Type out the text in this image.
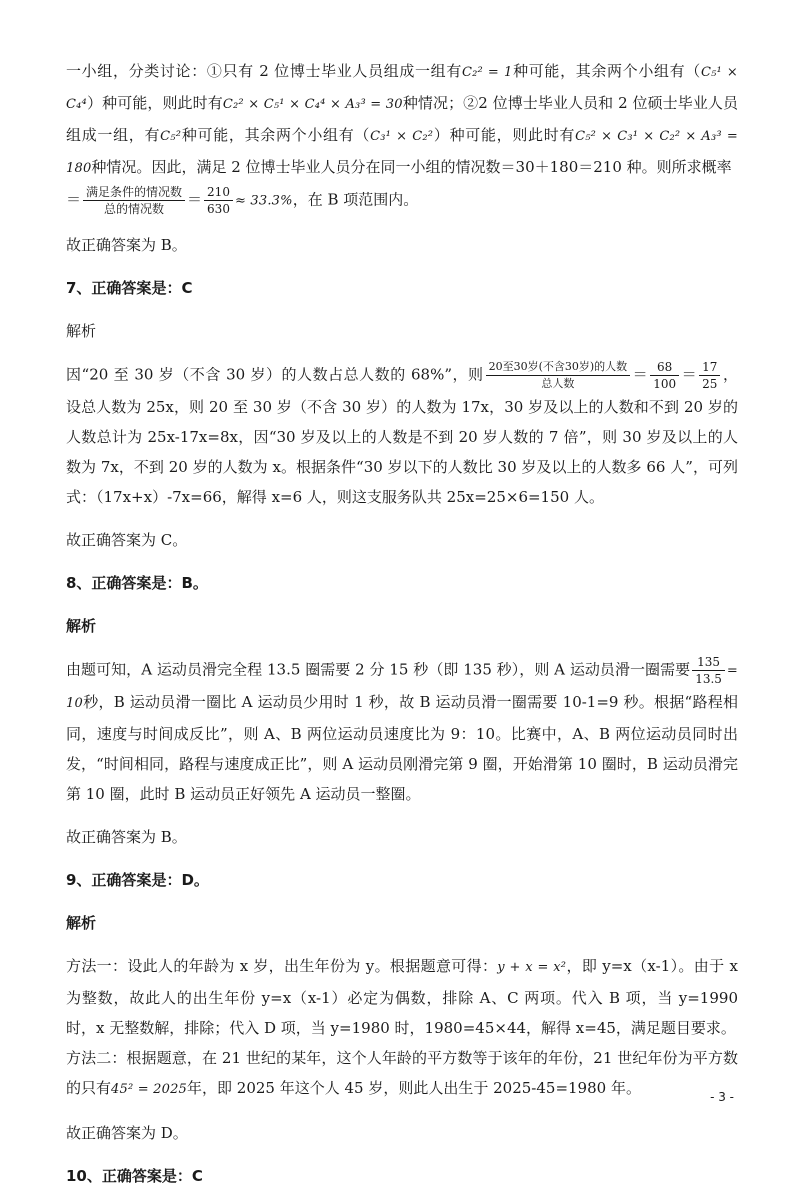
一小组，分类讨论：①只有 2 位博士毕业人员组成一组有C₂² = 1种可能，其余两个小组有（C₅¹ × C₄⁴）种可能，则此时有C₂² × C₅¹ × C₄⁴ × A₃³ = 30种情况；②2 位博士毕业人员和 2 位硕士毕业人员组成一组，有C₅²种可能，其余两个小组有（C₃¹ × C₂²）种可能，则此时有C₅² × C₃¹ × C₂² × A₃³ = 180种情况。因此，满足 2 位博士毕业人员分在同一小组的情况数＝30＋180＝210 种。则所求概率
＝ $\frac{\text{满足条件的情况数}}{\text{总的情况数}} = \frac{210}{630} \approx 33.3\%$，在 B 项范围内。

故正确答案为 B。

7、正确答案是：C
解析

因“20 至 30 岁（不含 30 岁）的人数占总人数的 68%”，则 $\frac{\text{20至30岁(不含30岁)的人数}}{\text{总人数}} = \frac{68}{100} = \frac{17}{25}$ ， 设总人数为 25x，则 20 至 30 岁（不含 30 岁）的人数为 17x，30 岁及以上的人数和不到 20 岁的人数总计为 25x-17x=8x，因“30 岁及以上的人数是不到 20 岁人数的 7 倍”，则 30 岁及以上的人数为 7x，不到 20 岁的人数为 x。根据条件“30 岁以下的人数比 30 岁及以上的人数多 66 人”，可列式：（17x+x）-7x=66，解得 x=6 人，则这支服务队共 25x=25×6=150 人。

故正确答案为 C。

8、正确答案是：B。
解析

由题可知，A 运动员滑完全程 13.5 圈需要 2 分 15 秒（即 135 秒），则 A 运动员滑一圈需要 $\frac{135}{13.5} = 10$秒，B 运动员滑一圈比 A 运动员少用时 1 秒，故 B 运动员滑一圈需要 10-1=9 秒。根据“路程相同，速度与时间成反比”，则 A、B 两位运动员速度比为 9：10。比赛中，A、B 两位运动员同时出发，“时间相同，路程与速度成正比”，则 A 运动员刚滑完第 9 圈，开始滑第 10 圈时，B 运动员滑完第 10 圈，此时 B 运动员正好领先 A 运动员一整圈。

故正确答案为 B。

9、正确答案是：D。
解析

方法一：设此人的年龄为 x 岁，出生年份为 y。根据题意可得：y + x = x²，即 y=x（x-1）。由于 x 为整数，故此人的出生年份 y=x（x-1）必定为偶数，排除 A、C 两项。代入 B 项，当 y=1990 时，x 无整数解，排除；代入 D 项，当 y=1980 时，1980=45×44，解得 x=45，满足题目要求。

方法二：根据题意，在 21 世纪的某年，这个人年龄的平方数等于该年的年份，21 世纪年份为平方数的只有45² = 2025年，即 2025 年这个人 45 岁，则此人出生于 2025-45=1980 年。

故正确答案为 D。

10、正确答案是：C
- 3 -
